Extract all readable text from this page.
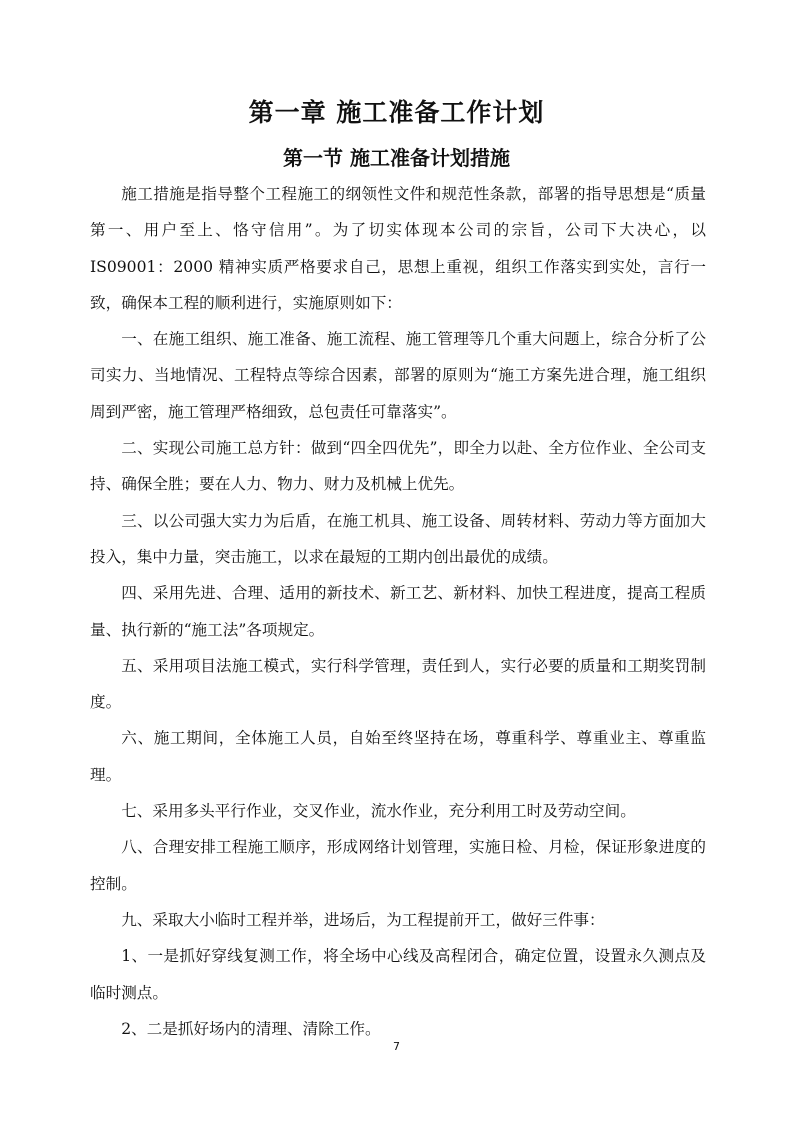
第一章 施工准备工作计划
第一节 施工准备计划措施

施工措施是指导整个工程施工的纲领性文件和规范性条款，部署的指导思想是“质量第一、用户至上、恪守信用”。为了切实体现本公司的宗旨，公司下大决心，以 IS09001：2000 精神实质严格要求自己，思想上重视，组织工作落实到实处，言行一致，确保本工程的顺利进行，实施原则如下：

一、在施工组织、施工准备、施工流程、施工管理等几个重大问题上，综合分析了公司实力、当地情况、工程特点等综合因素，部署的原则为“施工方案先进合理，施工组织周到严密，施工管理严格细致，总包责任可靠落实”。

二、实现公司施工总方针：做到“四全四优先”，即全力以赴、全方位作业、全公司支持、确保全胜；要在人力、物力、财力及机械上优先。

三、以公司强大实力为后盾，在施工机具、施工设备、周转材料、劳动力等方面加大投入，集中力量，突击施工，以求在最短的工期内创出最优的成绩。

四、采用先进、合理、适用的新技术、新工艺、新材料、加快工程进度，提高工程质量、执行新的“施工法”各项规定。

五、采用项目法施工模式，实行科学管理，责任到人，实行必要的质量和工期奖罚制度。

六、施工期间，全体施工人员，自始至终坚持在场，尊重科学、尊重业主、尊重监理。

七、采用多头平行作业，交叉作业，流水作业，充分利用工时及劳动空间。

八、合理安排工程施工顺序，形成网络计划管理，实施日检、月检，保证形象进度的控制。

九、采取大小临时工程并举，进场后，为工程提前开工，做好三件事：

1、一是抓好穿线复测工作，将全场中心线及高程闭合，确定位置，设置永久测点及临时测点。

2、二是抓好场内的清理、清除工作。

7
